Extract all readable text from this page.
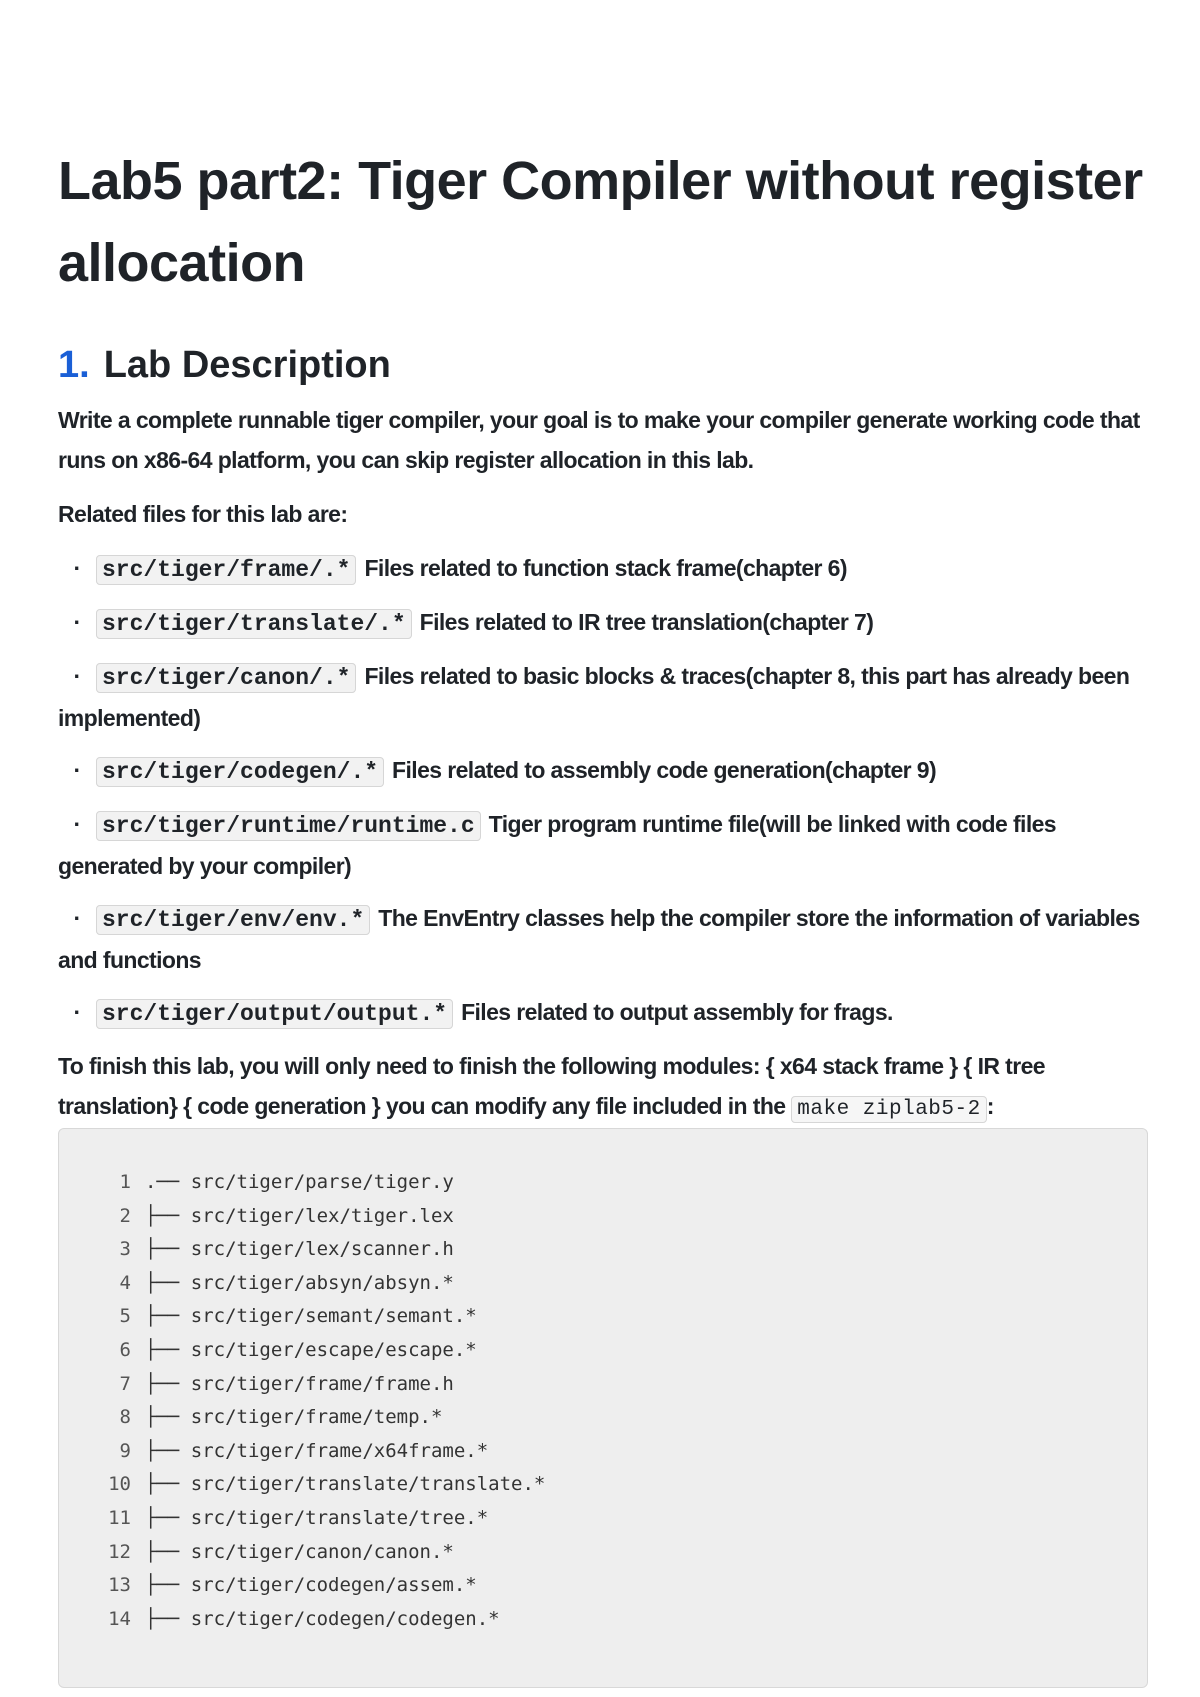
Lab5 part2: Tiger Compiler without register allocation
1. Lab Description

Write a complete runnable tiger compiler, your goal is to make your compiler generate working code that runs on x86-64 platform, you can skip register allocation in this lab.

Related files for this lab are:

· src/tiger/frame/.* Files related to function stack frame(chapter 6)
· src/tiger/translate/.* Files related to IR tree translation(chapter 7)
· src/tiger/canon/.* Files related to basic blocks & traces(chapter 8, this part has already been implemented)
· src/tiger/codegen/.* Files related to assembly code generation(chapter 9)
· src/tiger/runtime/runtime.c Tiger program runtime file(will be linked with code files generated by your compiler)
· src/tiger/env/env.* The EnvEntry classes help the compiler store the information of variables and functions
· src/tiger/output/output.* Files related to output assembly for frags.

To finish this lab, you will only need to finish the following modules: { x64 stack frame } { IR tree translation} { code generation } you can modify any file included in the make ziplab5-2 :

1 .── src/tiger/parse/tiger.y
2 ├── src/tiger/lex/tiger.lex
3 ├── src/tiger/lex/scanner.h
4 ├── src/tiger/absyn/absyn.*
5 ├── src/tiger/semant/semant.*
6 ├── src/tiger/escape/escape.*
7 ├── src/tiger/frame/frame.h
8 ├── src/tiger/frame/temp.*
9 ├── src/tiger/frame/x64frame.*
10 ├── src/tiger/translate/translate.*
11 ├── src/tiger/translate/tree.*
12 ├── src/tiger/canon/canon.*
13 ├── src/tiger/codegen/assem.*
14 ├── src/tiger/codegen/codegen.*
